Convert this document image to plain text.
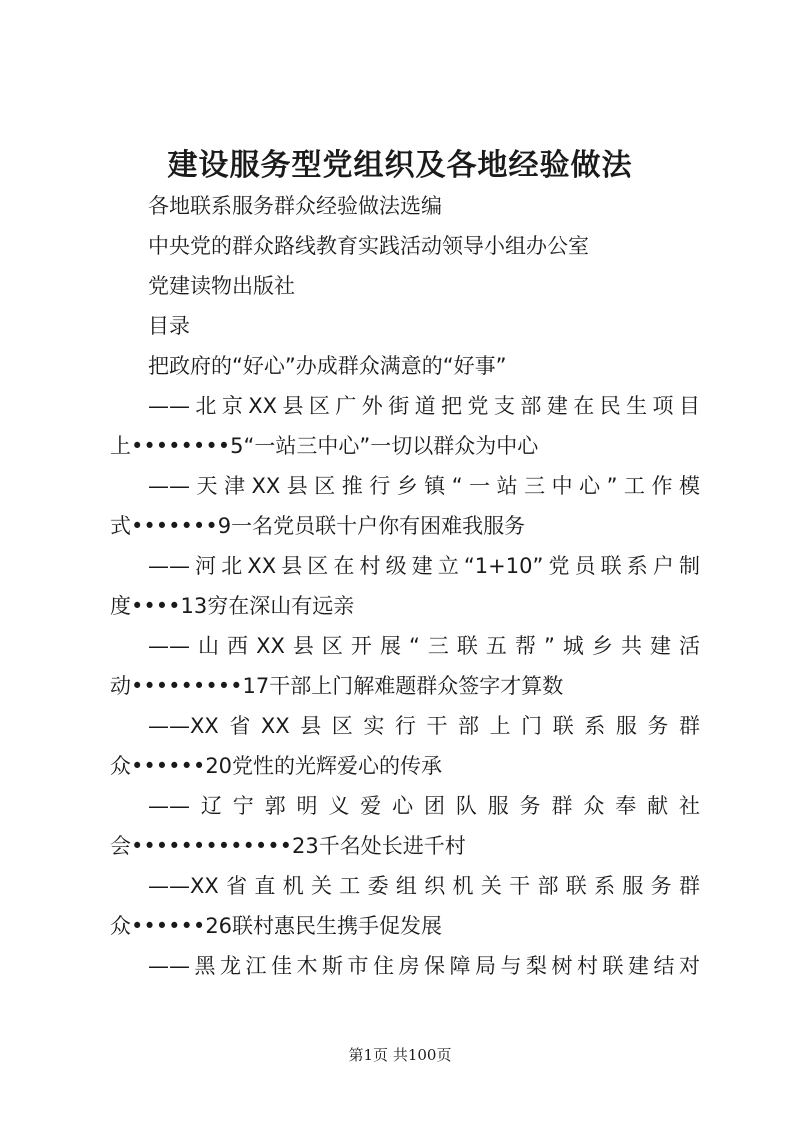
建设服务型党组织及各地经验做法
各地联系服务群众经验做法选编
中央党的群众路线教育实践活动领导小组办公室
党建读物出版社
目录
把政府的“好心”办成群众满意的“好事”
——北京XX县区广外街道把党支部建在民生项目
上••••••••5“一站三中心”一切以群众为中心
——天津XX县区推行乡镇“一站三中心”工作模
式•••••••9一名党员联十户你有困难我服务
——河北XX县区在村级建立“1+10”党员联系户制
度••••13穷在深山有远亲
——山西XX县区开展“三联五帮”城乡共建活
动•••••••••17干部上门解难题群众签字才算数
——XX省XX县区实行干部上门联系服务群
众••••••20党性的光辉爱心的传承
——辽宁郭明义爱心团队服务群众奉献社
会•••••••••••••23千名处长进千村
——XX省直机关工委组织机关干部联系服务群
众••••••26联村惠民生携手促发展
——黑龙江佳木斯市住房保障局与梨树村联建结对
第1页 共100页
